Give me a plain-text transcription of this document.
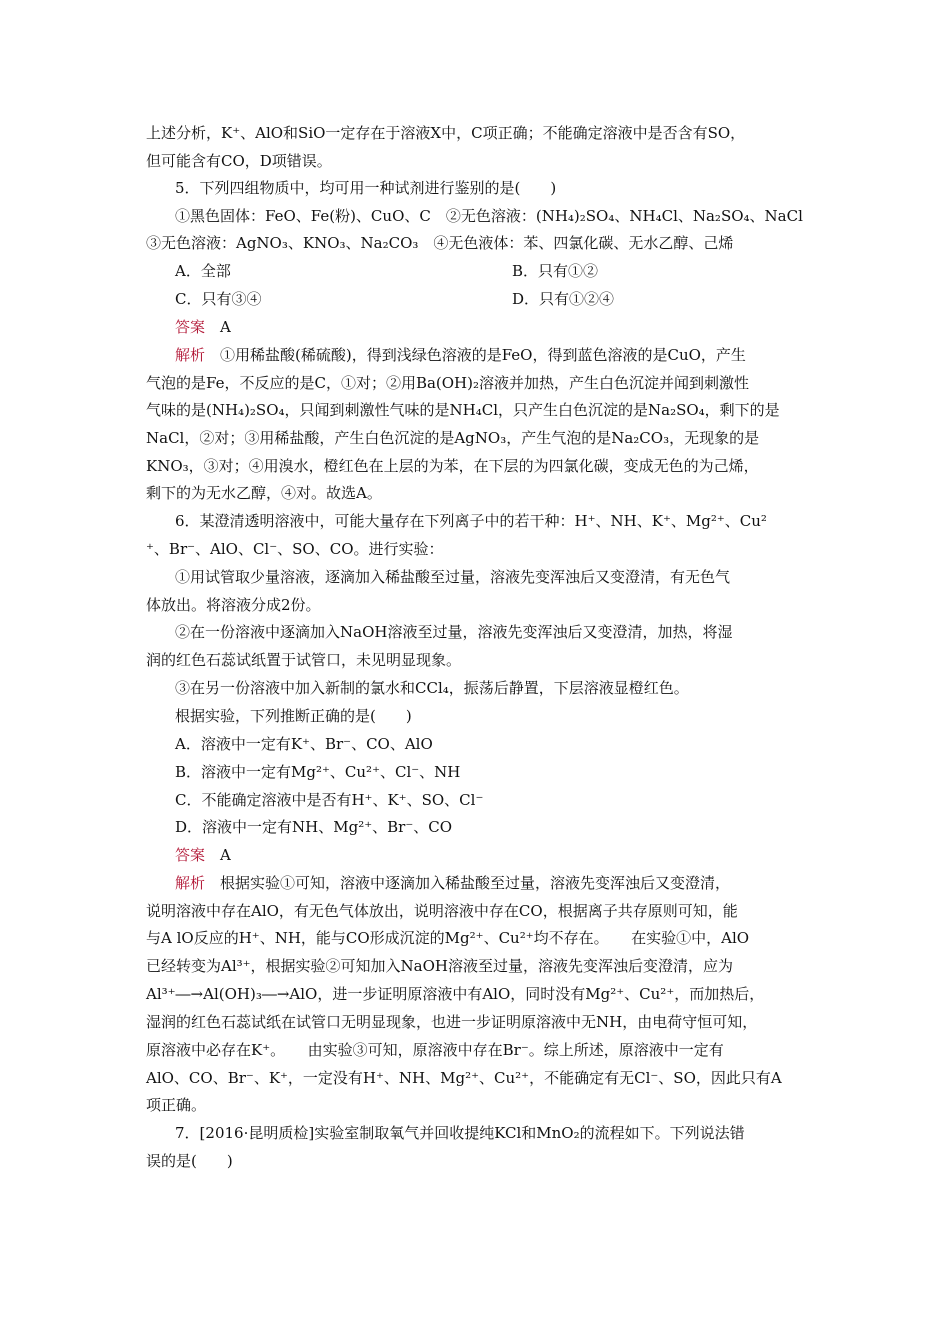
上述分析，K⁺、AlO和SiO一定存在于溶液X中，C项正确；不能确定溶液中是否含有SO，
但可能含有CO，D项错误。
5．下列四组物质中，均可用一种试剂进行鉴别的是(　　)
①黑色固体：FeO、Fe(粉)、CuO、C　②无色溶液：(NH₄)₂SO₄、NH₄Cl、Na₂SO₄、NaCl
③无色溶液：AgNO₃、KNO₃、Na₂CO₃　④无色液体：苯、四氯化碳、无水乙醇、己烯
A．全部	B．只有①②
C．只有③④	D．只有①②④
答案　A
解析　①用稀盐酸(稀硫酸)，得到浅绿色溶液的是FeO，得到蓝色溶液的是CuO，产生
气泡的是Fe，不反应的是C，①对；②用Ba(OH)₂溶液并加热，产生白色沉淀并闻到刺激性
气味的是(NH₄)₂SO₄，只闻到刺激性气味的是NH₄Cl，只产生白色沉淀的是Na₂SO₄，剩下的是
NaCl，②对；③用稀盐酸，产生白色沉淀的是AgNO₃，产生气泡的是Na₂CO₃，无现象的是
KNO₃，③对；④用溴水，橙红色在上层的为苯，在下层的为四氯化碳，变成无色的为己烯，
剩下的为无水乙醇，④对。故选A。
6．某澄清透明溶液中，可能大量存在下列离子中的若干种：H⁺、NH、K⁺、Mg²⁺、Cu²
⁺、Br⁻、AlO、Cl⁻、SO、CO。进行实验：
①用试管取少量溶液，逐滴加入稀盐酸至过量，溶液先变浑浊后又变澄清，有无色气
体放出。将溶液分成2份。
②在一份溶液中逐滴加入NaOH溶液至过量，溶液先变浑浊后又变澄清，加热，将湿
润的红色石蕊试纸置于试管口，未见明显现象。
③在另一份溶液中加入新制的氯水和CCl₄，振荡后静置，下层溶液显橙红色。
根据实验，下列推断正确的是(　　)
A．溶液中一定有K⁺、Br⁻、CO、AlO
B．溶液中一定有Mg²⁺、Cu²⁺、Cl⁻、NH
C．不能确定溶液中是否有H⁺、K⁺、SO、Cl⁻
D．溶液中一定有NH、Mg²⁺、Br⁻、CO
答案　A
解析　根据实验①可知，溶液中逐滴加入稀盐酸至过量，溶液先变浑浊后又变澄清，
说明溶液中存在AlO，有无色气体放出，说明溶液中存在CO，根据离子共存原则可知，能
与A lO反应的H⁺、NH，能与CO形成沉淀的Mg²⁺、Cu²⁺均不存在。　　在实验①中，AlO
已经转变为Al³⁺，根据实验②可知加入NaOH溶液至过量，溶液先变浑浊后变澄清，应为
Al³⁺―→Al(OH)₃―→AlO，进一步证明原溶液中有AlO，同时没有Mg²⁺、Cu²⁺，而加热后，
湿润的红色石蕊试纸在试管口无明显现象，也进一步证明原溶液中无NH，由电荷守恒可知，
原溶液中必存在K⁺。　　由实验③可知，原溶液中存在Br⁻。综上所述，原溶液中一定有
AlO、CO、Br⁻、K⁺，一定没有H⁺、NH、Mg²⁺、Cu²⁺，不能确定有无Cl⁻、SO，因此只有A
项正确。
7．[2016·昆明质检]实验室制取氧气并回收提纯KCl和MnO₂的流程如下。下列说法错
误的是(　　)
